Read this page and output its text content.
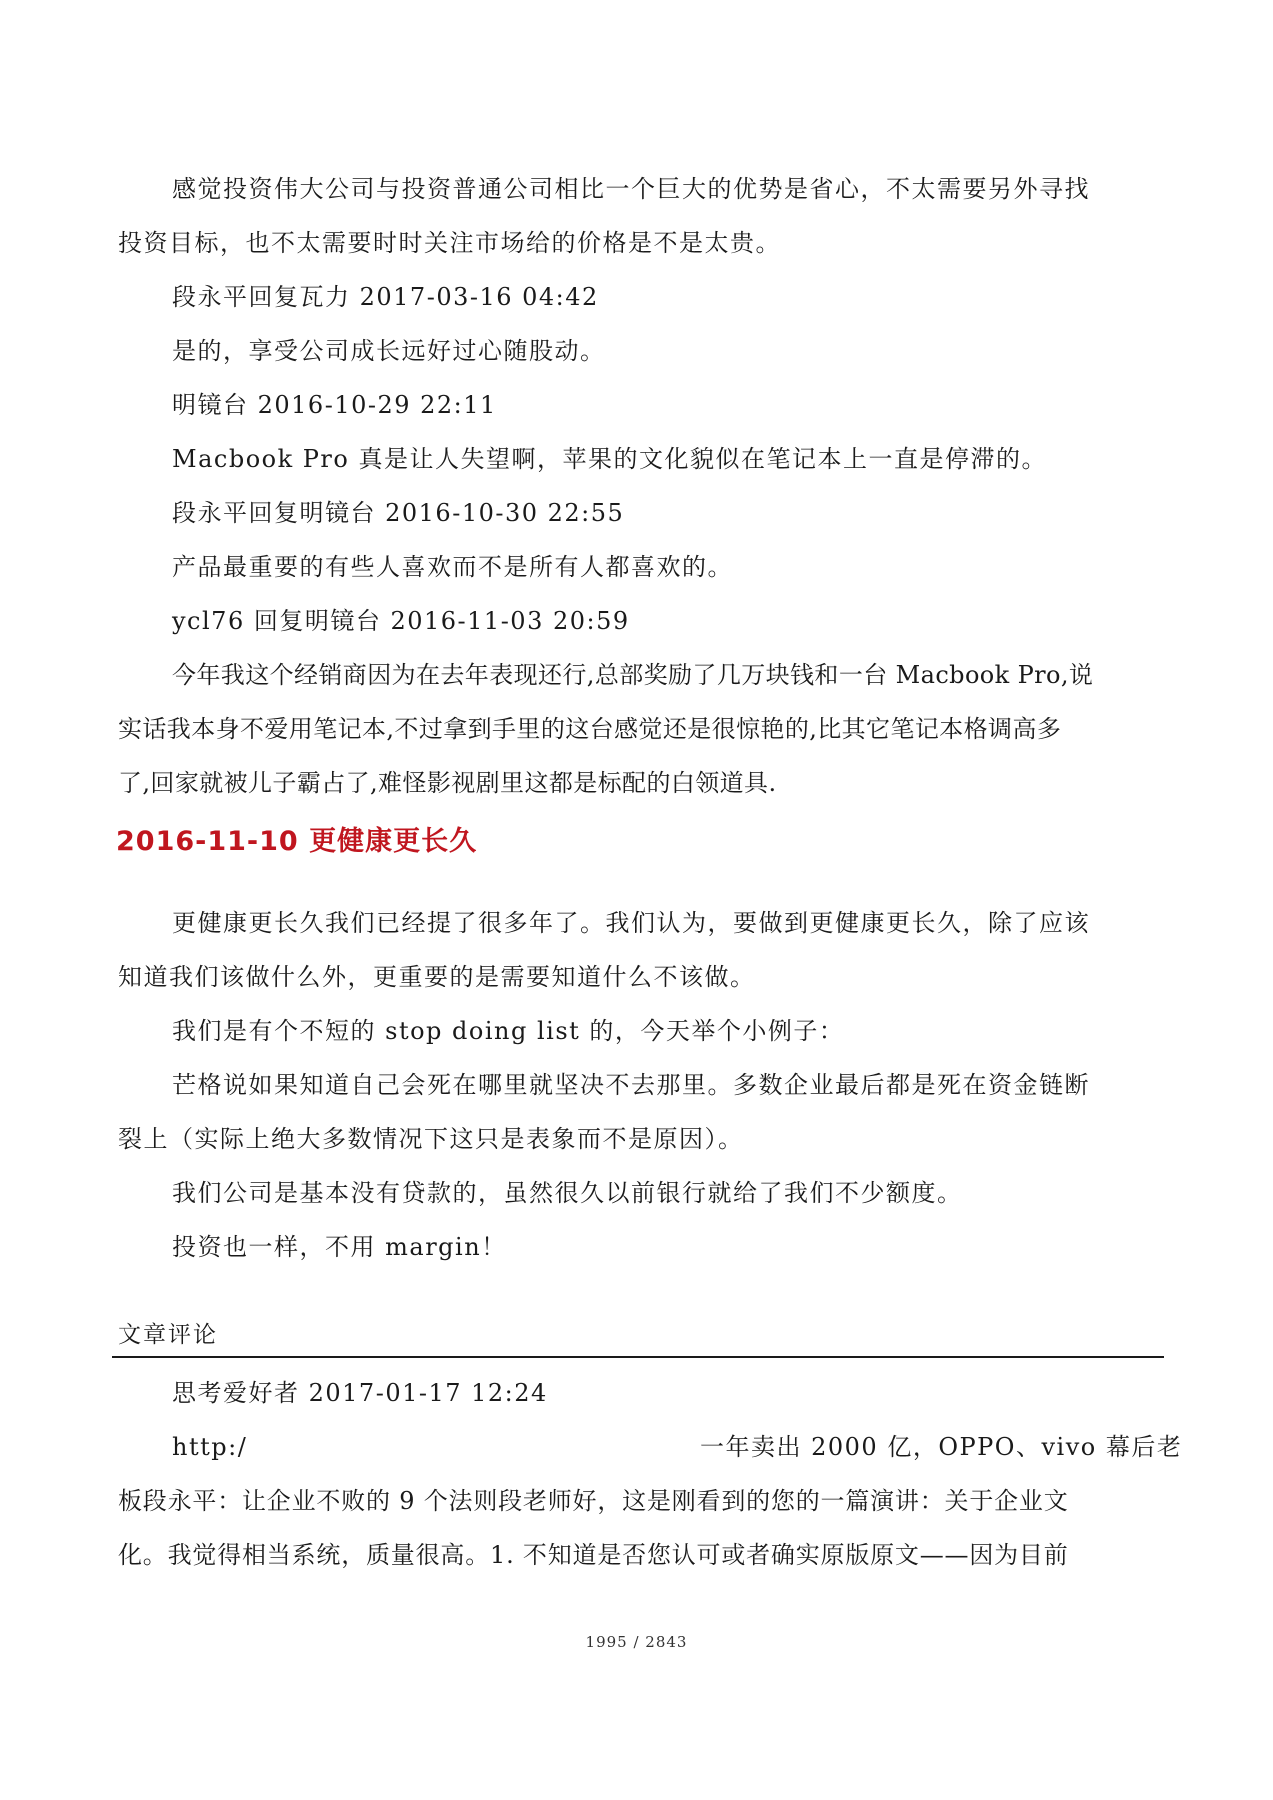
感觉投资伟大公司与投资普通公司相比一个巨大的优势是省心，不太需要另外寻找
投资目标，也不太需要时时关注市场给的价格是不是太贵。
段永平回复瓦力 2017-03-16 04:42
是的，享受公司成长远好过心随股动。
明镜台 2016-10-29 22:11
Macbook Pro 真是让人失望啊，苹果的文化貌似在笔记本上一直是停滞的。
段永平回复明镜台 2016-10-30 22:55
产品最重要的有些人喜欢而不是所有人都喜欢的。
ycl76 回复明镜台 2016-11-03 20:59
今年我这个经销商因为在去年表现还行,总部奖励了几万块钱和一台 Macbook Pro,说
实话我本身不爱用笔记本,不过拿到手里的这台感觉还是很惊艳的,比其它笔记本格调高多
了,回家就被儿子霸占了,难怪影视剧里这都是标配的白领道具.
2016-11-10 更健康更长久
更健康更长久我们已经提了很多年了。我们认为，要做到更健康更长久，除了应该
知道我们该做什么外，更重要的是需要知道什么不该做。
我们是有个不短的 stop doing list 的，今天举个小例子：
芒格说如果知道自己会死在哪里就坚决不去那里。多数企业最后都是死在资金链断
裂上（实际上绝大多数情况下这只是表象而不是原因）。
我们公司是基本没有贷款的，虽然很久以前银行就给了我们不少额度。
投资也一样，不用 margin！
文章评论
思考爱好者 2017-01-17 12:24
http:/	一年卖出 2000 亿，OPPO、vivo 幕后老
板段永平：让企业不败的 9 个法则段老师好，这是刚看到的您的一篇演讲：关于企业文
化。我觉得相当系统，质量很高。1. 不知道是否您认可或者确实原版原文——因为目前
1995 / 2843
